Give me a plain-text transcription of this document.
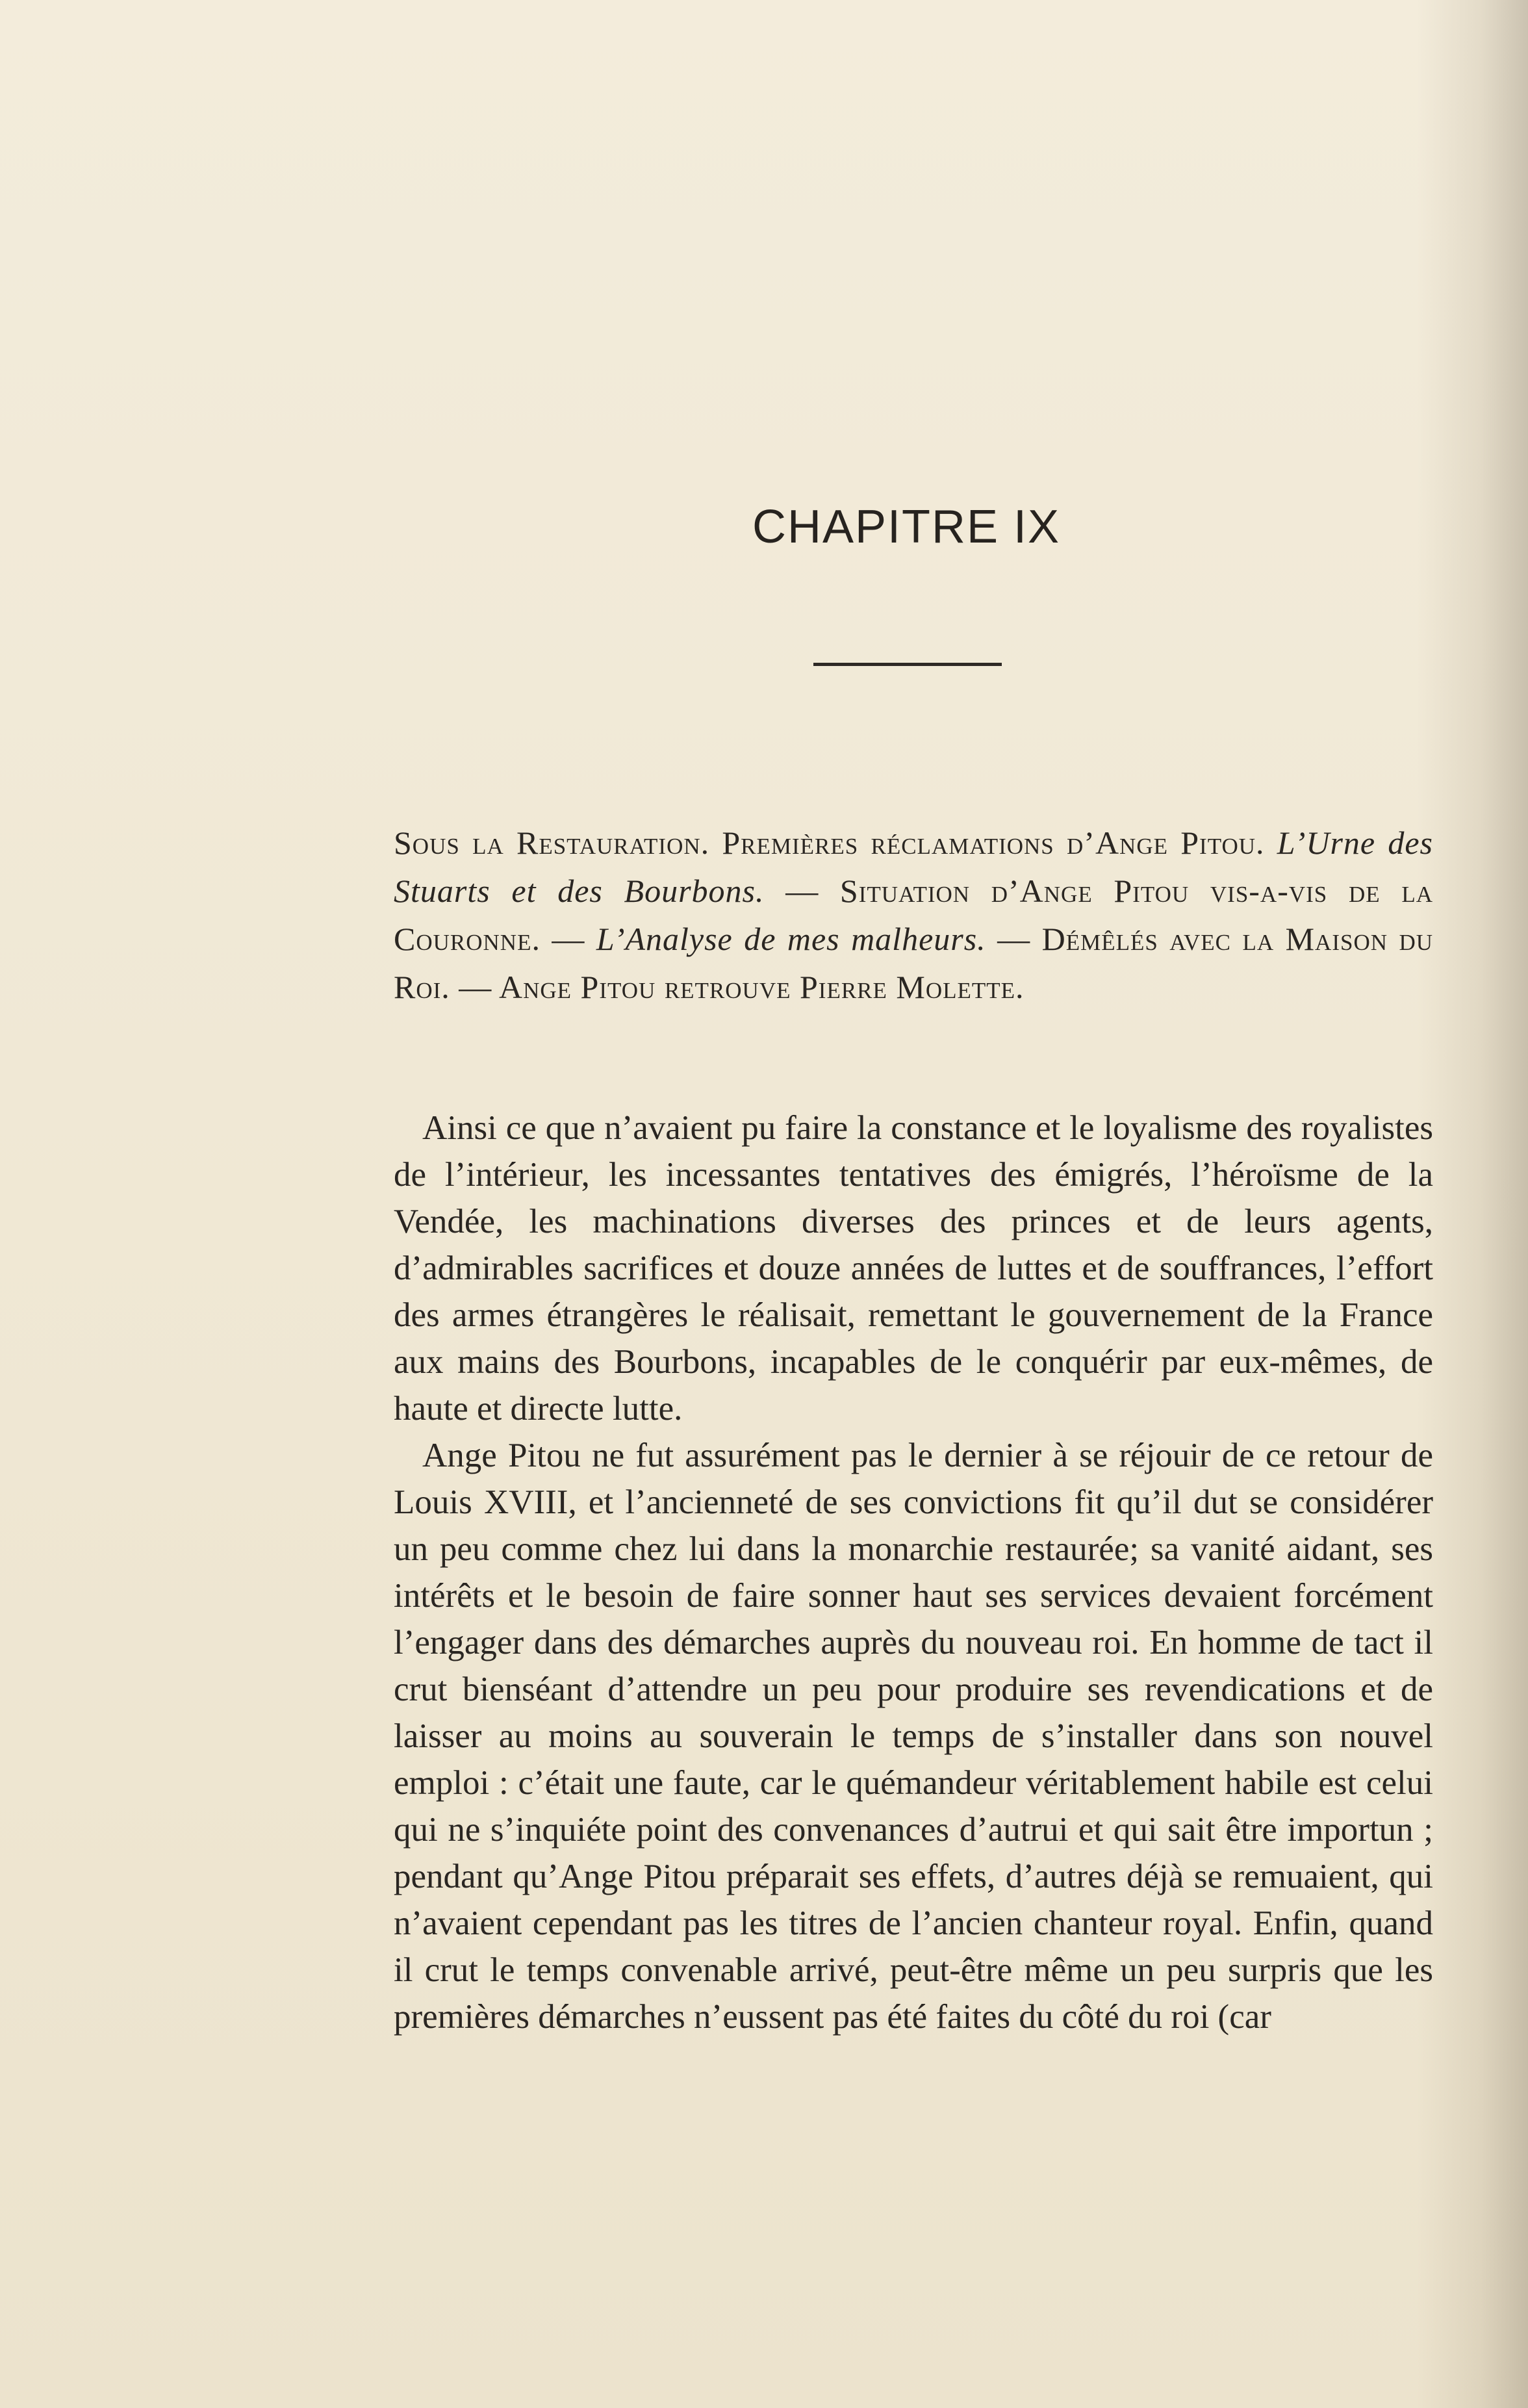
CHAPITRE IX

Sous la Restauration. Premières réclamations d’Ange Pitou. L’Urne des Stuarts et des Bourbons. — Situation d’Ange Pitou vis-a-vis de la Couronne. — L’Analyse de mes malheurs. — Démêlés avec la Maison du Roi. — Ange Pitou retrouve Pierre Molette.

Ainsi ce que n’avaient pu faire la constance et le loyalisme des royalistes de l’intérieur, les incessantes tentatives des émigrés, l’héroïsme de la Vendée, les machinations diverses des princes et de leurs agents, d’admirables sacrifices et douze années de luttes et de souffrances, l’effort des armes étrangères le réalisait, remettant le gouvernement de la France aux mains des Bourbons, incapables de le conquérir par eux-mêmes, de haute et directe lutte.

Ange Pitou ne fut assurément pas le dernier à se réjouir de ce retour de Louis XVIII, et l’ancienneté de ses convictions fit qu’il dut se considérer un peu comme chez lui dans la monarchie restaurée; sa vanité aidant, ses intérêts et le besoin de faire sonner haut ses services devaient forcément l’engager dans des démarches auprès du nouveau roi. En homme de tact il crut bienséant d’attendre un peu pour produire ses revendications et de laisser au moins au souverain le temps de s’installer dans son nouvel emploi : c’était une faute, car le quémandeur véritablement habile est celui qui ne s’inquiéte point des convenances d’autrui et qui sait être importun ; pendant qu’Ange Pitou préparait ses effets, d’autres déjà se remuaient, qui n’avaient cependant pas les titres de l’ancien chanteur royal. Enfin, quand il crut le temps convenable arrivé, peut-être même un peu surpris que les premières démarches n’eussent pas été faites du côté du roi (car
